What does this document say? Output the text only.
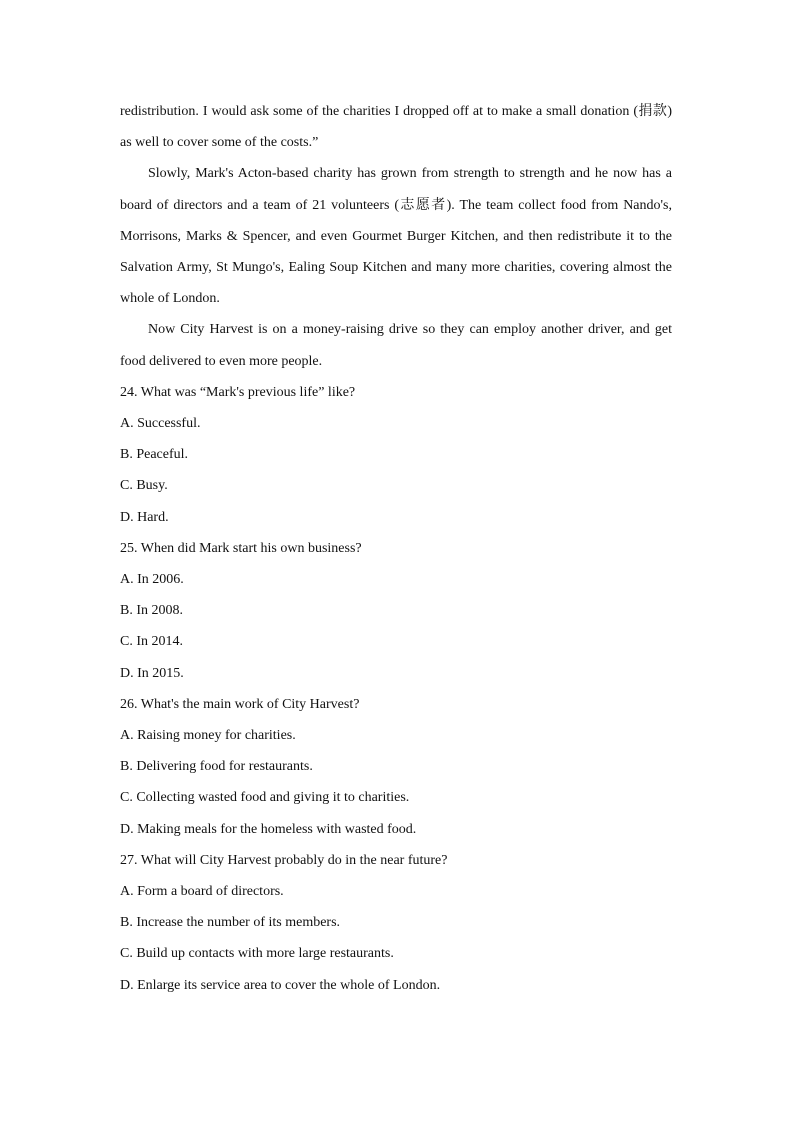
redistribution. I would ask some of the charities I dropped off at to make a small donation (捐款) as well to cover some of the costs.”

Slowly, Mark's Acton-based charity has grown from strength to strength and he now has a board of directors and a team of 21 volunteers (志愿者). The team collect food from Nando's, Morrisons, Marks & Spencer, and even Gourmet Burger Kitchen, and then redistribute it to the Salvation Army, St Mungo's, Ealing Soup Kitchen and many more charities, covering almost the whole of London.

Now City Harvest is on a money-raising drive so they can employ another driver, and get food delivered to even more people.

24. What was “Mark's previous life” like?

A. Successful.

B. Peaceful.

C. Busy.

D. Hard.

25. When did Mark start his own business?

A. In 2006.

B. In 2008.

C. In 2014.

D. In 2015.

26. What's the main work of City Harvest?

A. Raising money for charities.

B. Delivering food for restaurants.

C. Collecting wasted food and giving it to charities.

D. Making meals for the homeless with wasted food.

27. What will City Harvest probably do in the near future?

A. Form a board of directors.

B. Increase the number of its members.

C. Build up contacts with more large restaurants.

D. Enlarge its service area to cover the whole of London.
